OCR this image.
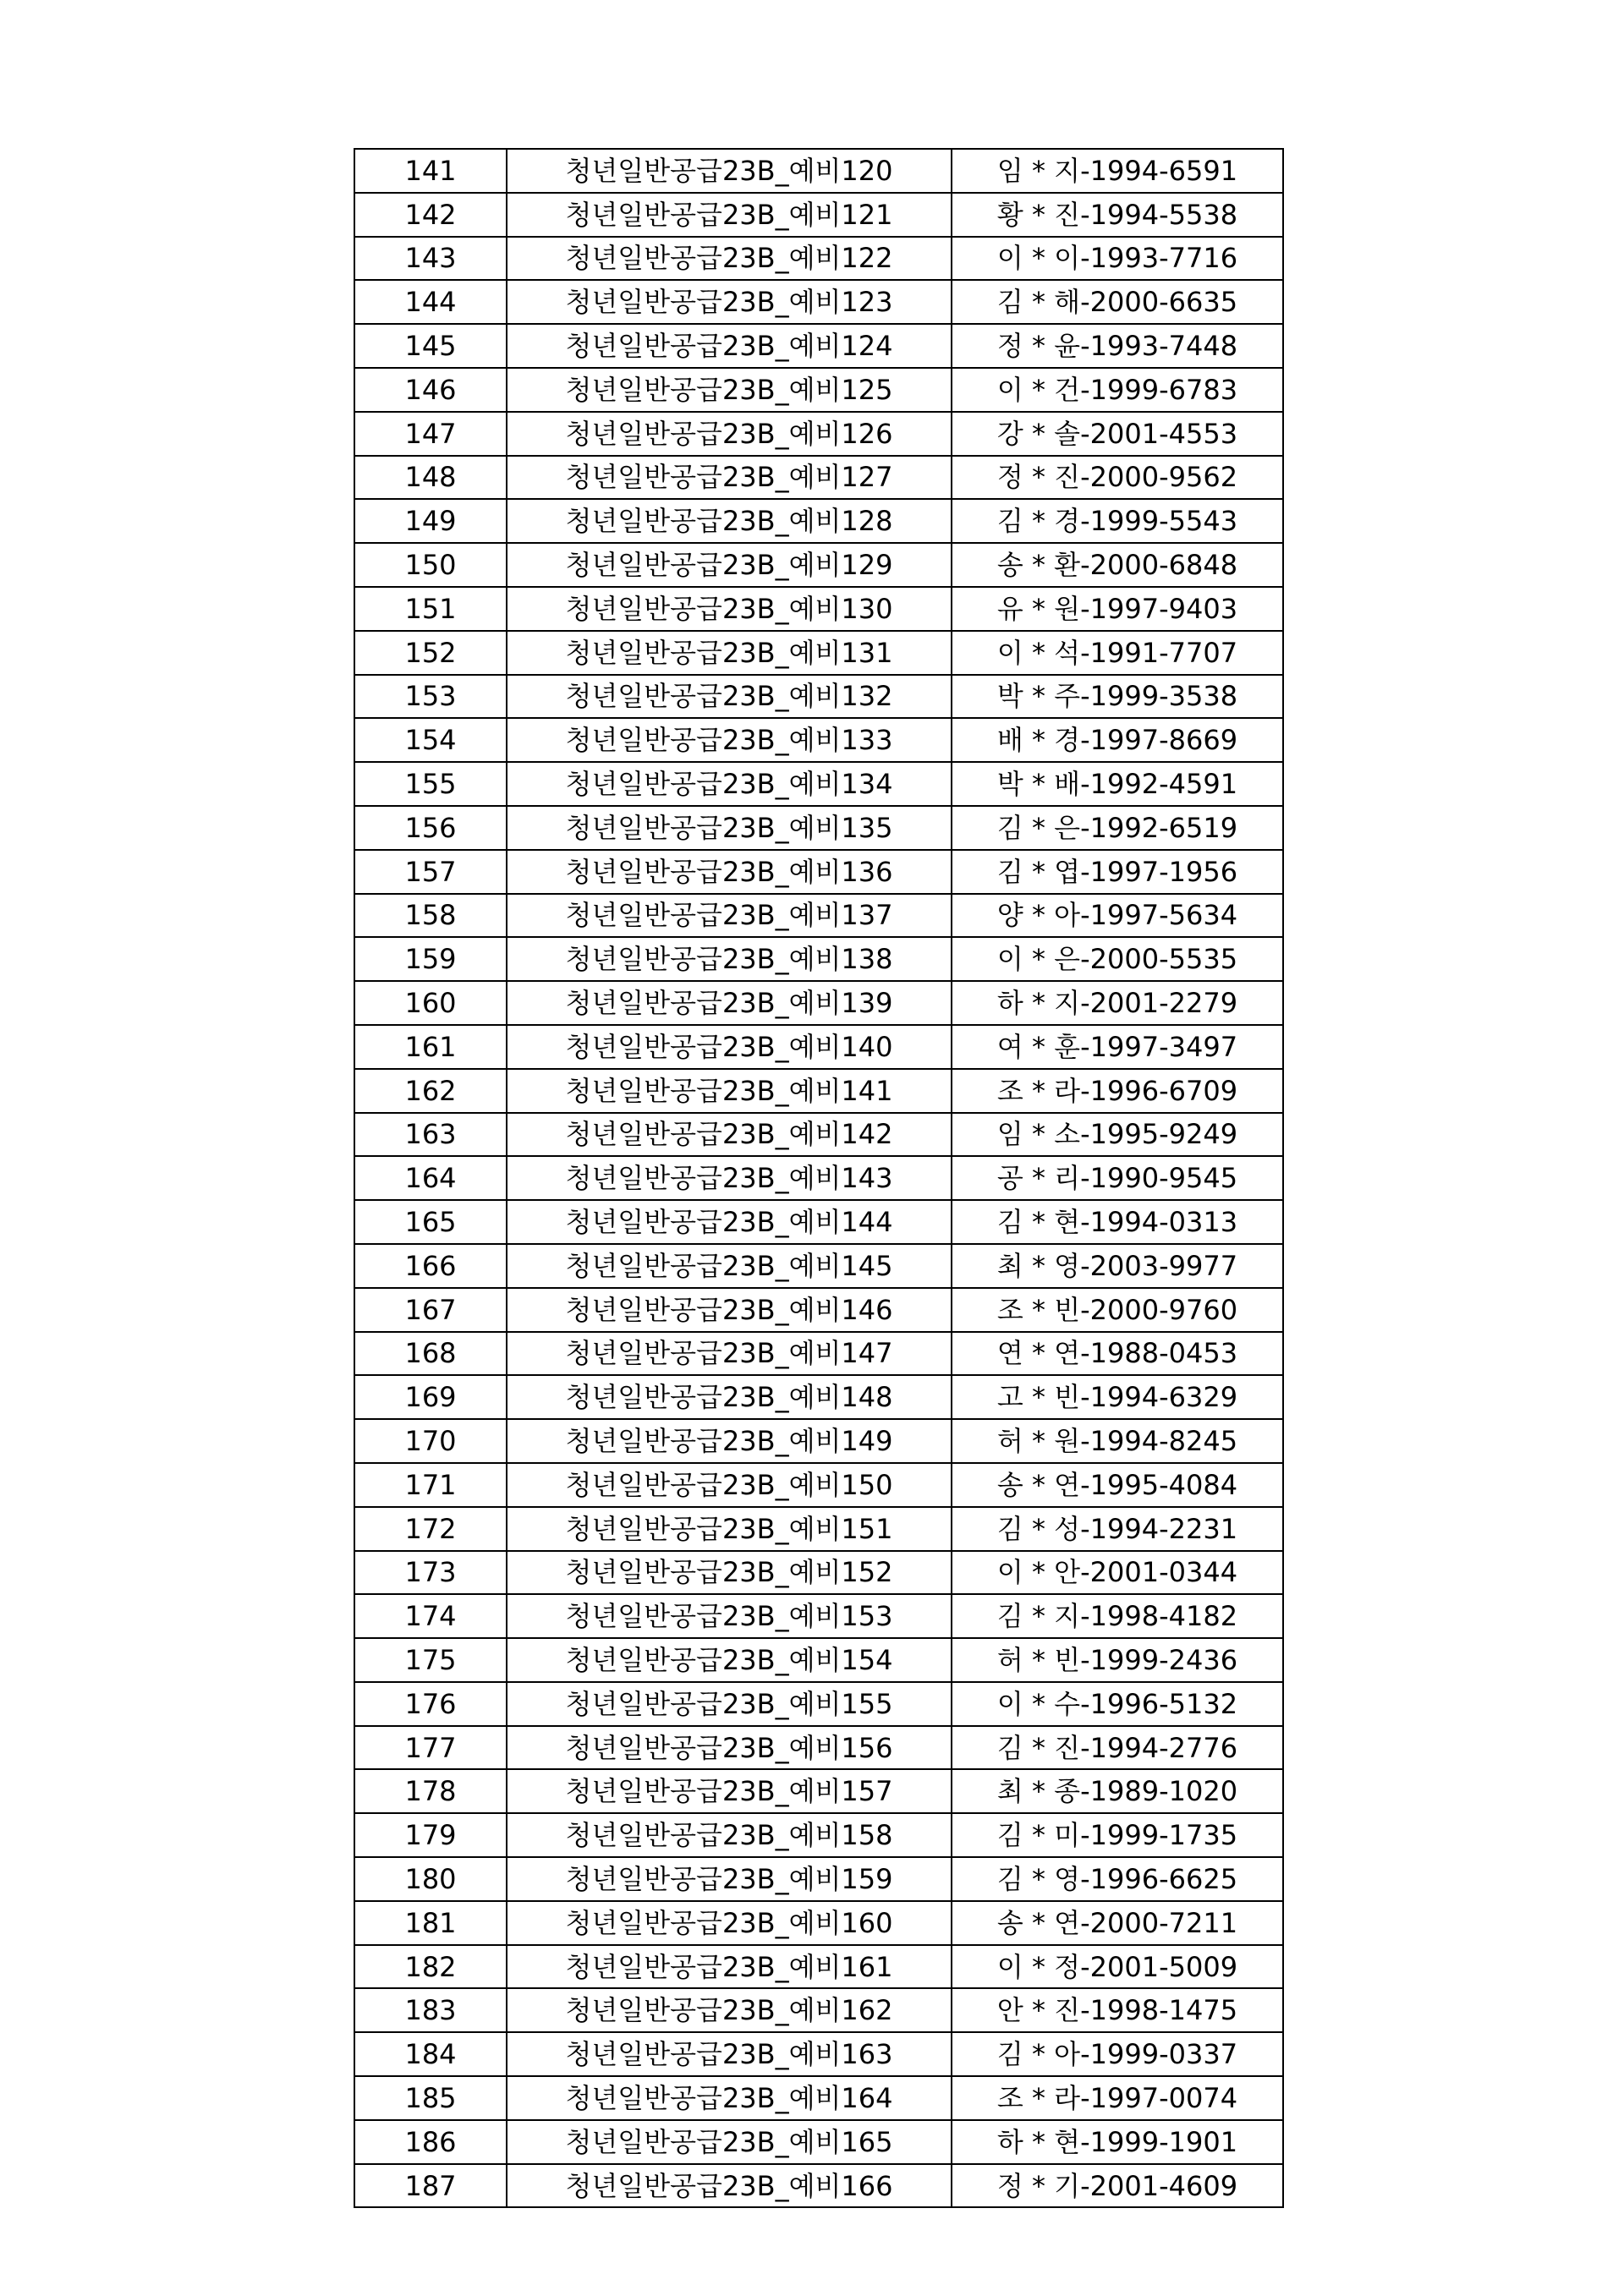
141	청년일반공급23B_예비120	임 * 지-1994-6591
142	청년일반공급23B_예비121	황 * 진-1994-5538
143	청년일반공급23B_예비122	이 * 이-1993-7716
144	청년일반공급23B_예비123	김 * 해-2000-6635
145	청년일반공급23B_예비124	정 * 윤-1993-7448
146	청년일반공급23B_예비125	이 * 건-1999-6783
147	청년일반공급23B_예비126	강 * 솔-2001-4553
148	청년일반공급23B_예비127	정 * 진-2000-9562
149	청년일반공급23B_예비128	김 * 경-1999-5543
150	청년일반공급23B_예비129	송 * 환-2000-6848
151	청년일반공급23B_예비130	유 * 원-1997-9403
152	청년일반공급23B_예비131	이 * 석-1991-7707
153	청년일반공급23B_예비132	박 * 주-1999-3538
154	청년일반공급23B_예비133	배 * 경-1997-8669
155	청년일반공급23B_예비134	박 * 배-1992-4591
156	청년일반공급23B_예비135	김 * 은-1992-6519
157	청년일반공급23B_예비136	김 * 엽-1997-1956
158	청년일반공급23B_예비137	양 * 아-1997-5634
159	청년일반공급23B_예비138	이 * 은-2000-5535
160	청년일반공급23B_예비139	하 * 지-2001-2279
161	청년일반공급23B_예비140	여 * 훈-1997-3497
162	청년일반공급23B_예비141	조 * 라-1996-6709
163	청년일반공급23B_예비142	임 * 소-1995-9249
164	청년일반공급23B_예비143	공 * 리-1990-9545
165	청년일반공급23B_예비144	김 * 현-1994-0313
166	청년일반공급23B_예비145	최 * 영-2003-9977
167	청년일반공급23B_예비146	조 * 빈-2000-9760
168	청년일반공급23B_예비147	연 * 연-1988-0453
169	청년일반공급23B_예비148	고 * 빈-1994-6329
170	청년일반공급23B_예비149	허 * 원-1994-8245
171	청년일반공급23B_예비150	송 * 연-1995-4084
172	청년일반공급23B_예비151	김 * 성-1994-2231
173	청년일반공급23B_예비152	이 * 안-2001-0344
174	청년일반공급23B_예비153	김 * 지-1998-4182
175	청년일반공급23B_예비154	허 * 빈-1999-2436
176	청년일반공급23B_예비155	이 * 수-1996-5132
177	청년일반공급23B_예비156	김 * 진-1994-2776
178	청년일반공급23B_예비157	최 * 종-1989-1020
179	청년일반공급23B_예비158	김 * 미-1999-1735
180	청년일반공급23B_예비159	김 * 영-1996-6625
181	청년일반공급23B_예비160	송 * 연-2000-7211
182	청년일반공급23B_예비161	이 * 정-2001-5009
183	청년일반공급23B_예비162	안 * 진-1998-1475
184	청년일반공급23B_예비163	김 * 아-1999-0337
185	청년일반공급23B_예비164	조 * 라-1997-0074
186	청년일반공급23B_예비165	하 * 현-1999-1901
187	청년일반공급23B_예비166	정 * 기-2001-4609
